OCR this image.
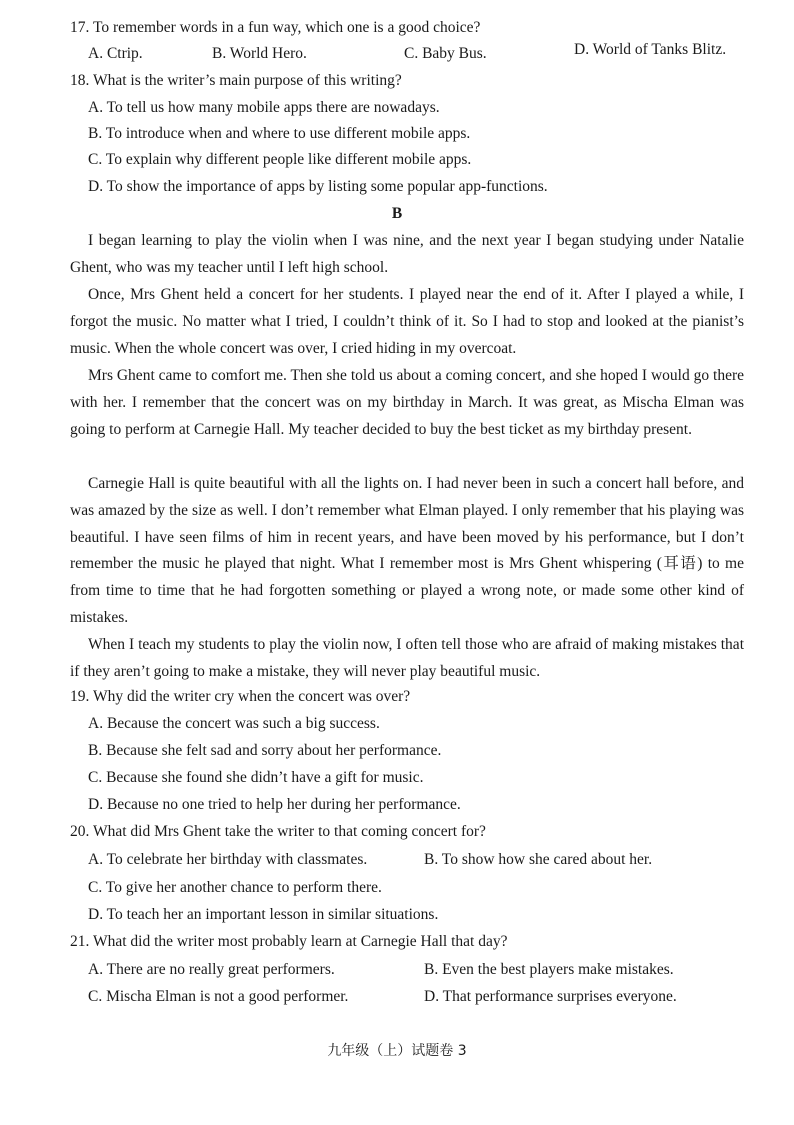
17. To remember words in a fun way, which one is a good choice?
A. Ctrip.	B. World Hero.	C. Baby Bus.	D. World of Tanks Blitz.
18. What is the writer’s main purpose of this writing?
A. To tell us how many mobile apps there are nowadays.
B. To introduce when and where to use different mobile apps.
C. To explain why different people like different mobile apps.
D. To show the importance of apps by listing some popular app-functions.
B
I began learning to play the violin when I was nine, and the next year I began studying under Natalie Ghent, who was my teacher until I left high school.
Once, Mrs Ghent held a concert for her students. I played near the end of it. After I played a while, I forgot the music. No matter what I tried, I couldn’t think of it. So I had to stop and looked at the pianist’s music. When the whole concert was over, I cried hiding in my overcoat.
Mrs Ghent came to comfort me. Then she told us about a coming concert, and she hoped I would go there with her. I remember that the concert was on my birthday in March. It was great, as Mischa Elman was going to perform at Carnegie Hall. My teacher decided to buy the best ticket as my birthday present.
Carnegie Hall is quite beautiful with all the lights on. I had never been in such a concert hall before, and was amazed by the size as well. I don’t remember what Elman played. I only remember that his playing was beautiful. I have seen films of him in recent years, and have been moved by his performance, but I don’t remember the music he played that night. What I remember most is Mrs Ghent whispering (耳语) to me from time to time that he had forgotten something or played a wrong note, or made some other kind of mistakes.
When I teach my students to play the violin now, I often tell those who are afraid of making mistakes that if they aren’t going to make a mistake, they will never play beautiful music.
19. Why did the writer cry when the concert was over?
A. Because the concert was such a big success.
B. Because she felt sad and sorry about her performance.
C. Because she found she didn’t have a gift for music.
D. Because no one tried to help her during her performance.
20. What did Mrs Ghent take the writer to that coming concert for?
A. To celebrate her birthday with classmates.	B. To show how she cared about her.
C. To give her another chance to perform there.
D. To teach her an important lesson in similar situations.
21. What did the writer most probably learn at Carnegie Hall that day?
A. There are no really great performers.	B. Even the best players make mistakes.
C. Mischa Elman is not a good performer.	D. That performance surprises everyone.
九年级（上）试题卷 3
